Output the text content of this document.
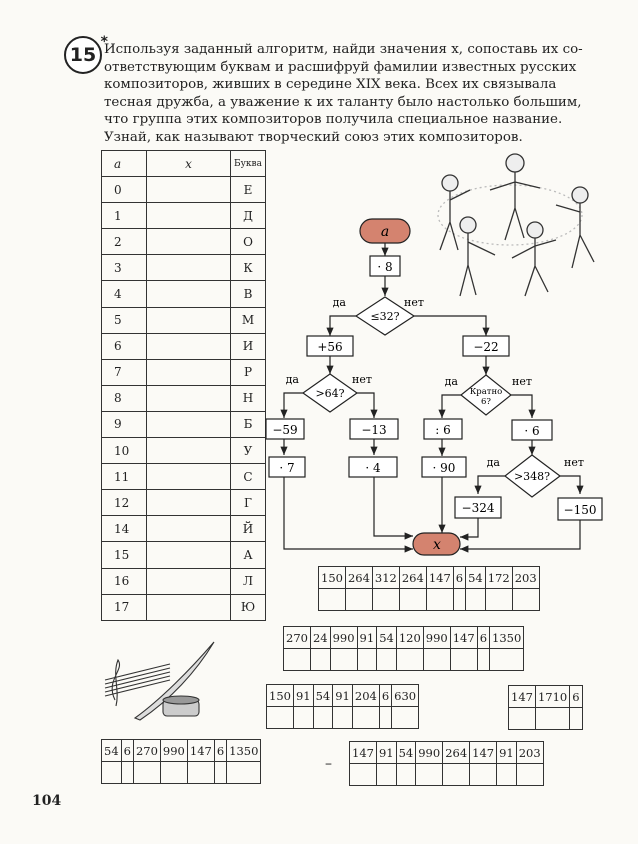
15
*

Используя заданный алгоритм, найди значения x, сопоставь их со-

ответствующим буквам и расшифруй фамилии известных русских

композиторов, живших в середине XIX века. Всех их связывала

тесная дружба, а уважение к их таланту было настолько большим,

что группа этих композиторов получила специальное название.

Узнай, как называют творческий союз этих композиторов.

a	x	Буква
0		Е
1		Д
2		О
3		К
4		В
5		М
6		И
7		Р
8		Н
9		Б
10		У
11		С
12		Г
14		Й
15		А
16		Л
17		Ю
a
· 8
≤32?
да	нет
+56	−22
>64?
да	нет
Кратно
6?
да	нет
−59	−13	: 6	· 6
· 7	· 4	· 90
>348?
да	нет
−324	−150
x
150	264	312	264	147	6	54	172	203

270	24	990	91	54	120	990	147	6	1350

150	91	54	91	204	6	630
							147	1710	6

54	6	270	990	147	6	1350

–
147	91	54	990	264	147	91	203

104
